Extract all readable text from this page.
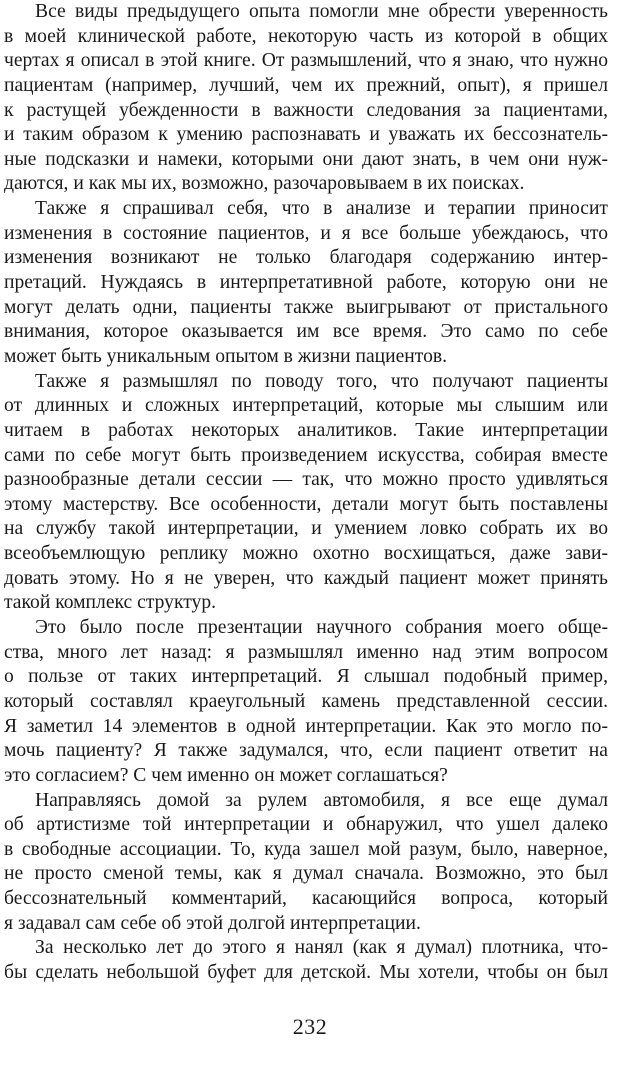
Все виды предыдущего опыта помогли мне обрести уверенность
в моей клинической работе, некоторую часть из которой в общих
чертах я описал в этой книге. От размышлений, что я знаю, что нужно
пациентам (например, лучший, чем их прежний, опыт), я пришел
к растущей убежденности в важности следования за пациентами,
и таким образом к умению распознавать и уважать их бессознатель-
ные подсказки и намеки, которыми они дают знать, в чем они нуж-
даются, и как мы их, возможно, разочаровываем в их поисках.
Также я спрашивал себя, что в анализе и терапии приносит
изменения в состояние пациентов, и я все больше убеждаюсь, что
изменения возникают не только благодаря содержанию интер-
претаций. Нуждаясь в интерпретативной работе, которую они не
могут делать одни, пациенты также выигрывают от пристального
внимания, которое оказывается им все время. Это само по себе
может быть уникальным опытом в жизни пациентов.
Также я размышлял по поводу того, что получают пациенты
от длинных и сложных интерпретаций, которые мы слышим или
читаем в работах некоторых аналитиков. Такие интерпретации
сами по себе могут быть произведением искусства, собирая вместе
разнообразные детали сессии — так, что можно просто удивляться
этому мастерству. Все особенности, детали могут быть поставлены
на службу такой интерпретации, и умением ловко собрать их во
всеобъемлющую реплику можно охотно восхищаться, даже зави-
довать этому. Но я не уверен, что каждый пациент может принять
такой комплекс структур.
Это было после презентации научного собрания моего обще-
ства, много лет назад: я размышлял именно над этим вопросом
о пользе от таких интерпретаций. Я слышал подобный пример,
который составлял краеугольный камень представленной сессии.
Я заметил 14 элементов в одной интерпретации. Как это могло по-
мочь пациенту? Я также задумался, что, если пациент ответит на
это согласием? С чем именно он может соглашаться?
Направляясь домой за рулем автомобиля, я все еще думал
об артистизме той интерпретации и обнаружил, что ушел далеко
в свободные ассоциации. То, куда зашел мой разум, было, наверное,
не просто сменой темы, как я думал сначала. Возможно, это был
бессознательный комментарий, касающийся вопроса, который
я задавал сам себе об этой долгой интерпретации.
За несколько лет до этого я нанял (как я думал) плотника, что-
бы сделать небольшой буфет для детской. Мы хотели, чтобы он был
232
